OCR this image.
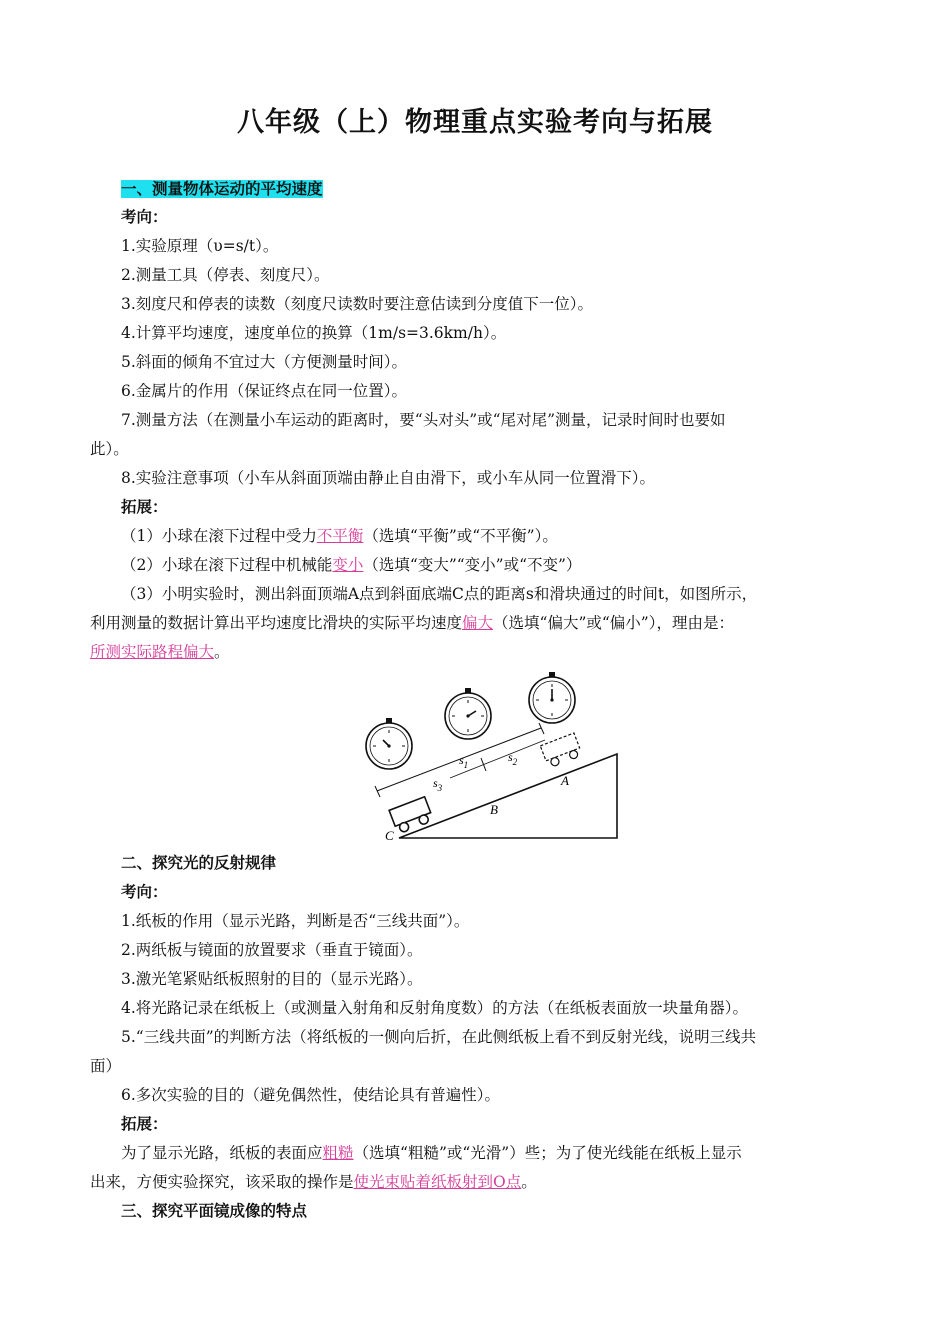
八年级（上）物理重点实验考向与拓展
一、测量物体运动的平均速度
考向：
1.实验原理（υ=s/t）。
2.测量工具（停表、刻度尺）。
3.刻度尺和停表的读数（刻度尺读数时要注意估读到分度值下一位）。
4.计算平均速度，速度单位的换算（1m/s=3.6km/h）。
5.斜面的倾角不宜过大（方便测量时间）。
6.金属片的作用（保证终点在同一位置）。
7.测量方法（在测量小车运动的距离时，要“头对头”或“尾对尾”测量，记录时间时也要如
此）。
8.实验注意事项（小车从斜面顶端由静止自由滑下，或小车从同一位置滑下）。
拓展：
（1）小球在滚下过程中受力不平衡（选填“平衡”或“不平衡”）。
（2）小球在滚下过程中机械能变小（选填“变大”“变小”或“不变”）
（3）小明实验时，测出斜面顶端A点到斜面底端C点的距离s和滑块通过的时间t，如图所示，
利用测量的数据计算出平均速度比滑块的实际平均速度偏大（选填“偏大”或“偏小”），理由是：
所测实际路程偏大。
$s_1$
$s_2$
$s_3$	A
B
C
二、探究光的反射规律
考向：
1.纸板的作用（显示光路，判断是否“三线共面”）。
2.两纸板与镜面的放置要求（垂直于镜面）。
3.激光笔紧贴纸板照射的目的（显示光路）。
4.将光路记录在纸板上（或测量入射角和反射角度数）的方法（在纸板表面放一块量角器）。
5.“三线共面”的判断方法（将纸板的一侧向后折，在此侧纸板上看不到反射光线，说明三线共
面）
6.多次实验的目的（避免偶然性，使结论具有普遍性）。
拓展：
为了显示光路，纸板的表面应粗糙（选填“粗糙”或“光滑”）些；为了使光线能在纸板上显示
出来，方便实验探究，该采取的操作是使光束贴着纸板射到O点。
三、探究平面镜成像的特点
